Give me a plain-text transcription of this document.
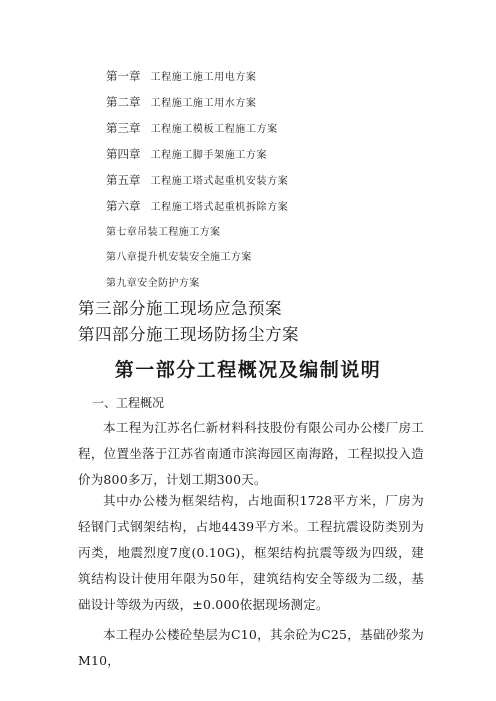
第一章 工程施工施工用电方案
第二章 工程施工施工用水方案
第三章 工程施工模板工程施工方案
第四章 工程施工脚手架施工方案
第五章 工程施工塔式起重机安装方案
第六章 工程施工塔式起重机拆除方案
第七章吊装工程施工方案
第八章提升机安装安全施工方案
第九章安全防护方案
第三部分施工现场应急预案
第四部分施工现场防扬尘方案
第一部分工程概况及编制说明
一、工程概况

本工程为江苏名仁新材料科技股份有限公司办公楼厂房工程，位置坐落于江苏省南通市滨海园区南海路，工程拟投入造价为800多万，计划工期300天。

其中办公楼为框架结构，占地面积1728平方米，厂房为轻钢门式钢架结构，占地4439平方米。工程抗震设防类别为丙类，地震烈度7度(0.10G)，框架结构抗震等级为四级，建筑结构设计使用年限为50年，建筑结构安全等级为二级，基础设计等级为丙级，±0.000依据现场测定。

本工程办公楼砼垫层为C10，其余砼为C25，基础砂浆为M10，
